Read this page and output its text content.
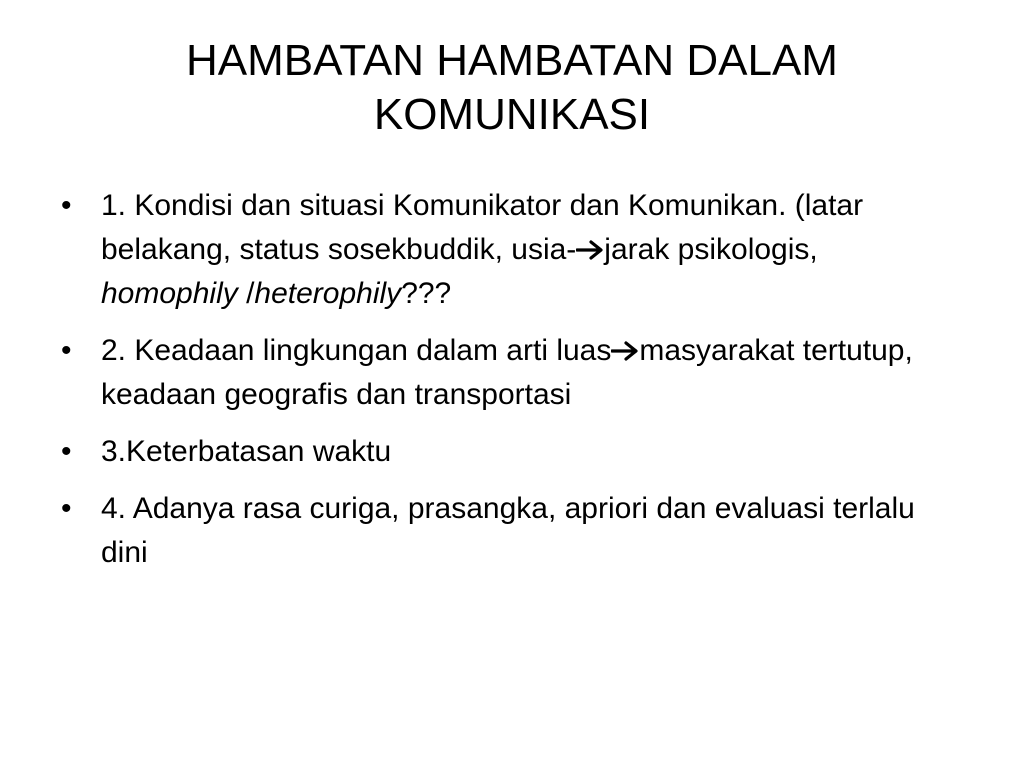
HAMBATAN HAMBATAN DALAM
KOMUNIKASI
• 1. Kondisi dan situasi Komunikator dan Komunikan. (latar belakang, status sosekbuddik, usia- jarak psikologis, homophily /heterophily???
• 2. Keadaan lingkungan dalam arti luas masyarakat tertutup, keadaan geografis dan transportasi
• 3.Keterbatasan waktu
• 4. Adanya rasa curiga, prasangka, apriori dan evaluasi terlalu dini
